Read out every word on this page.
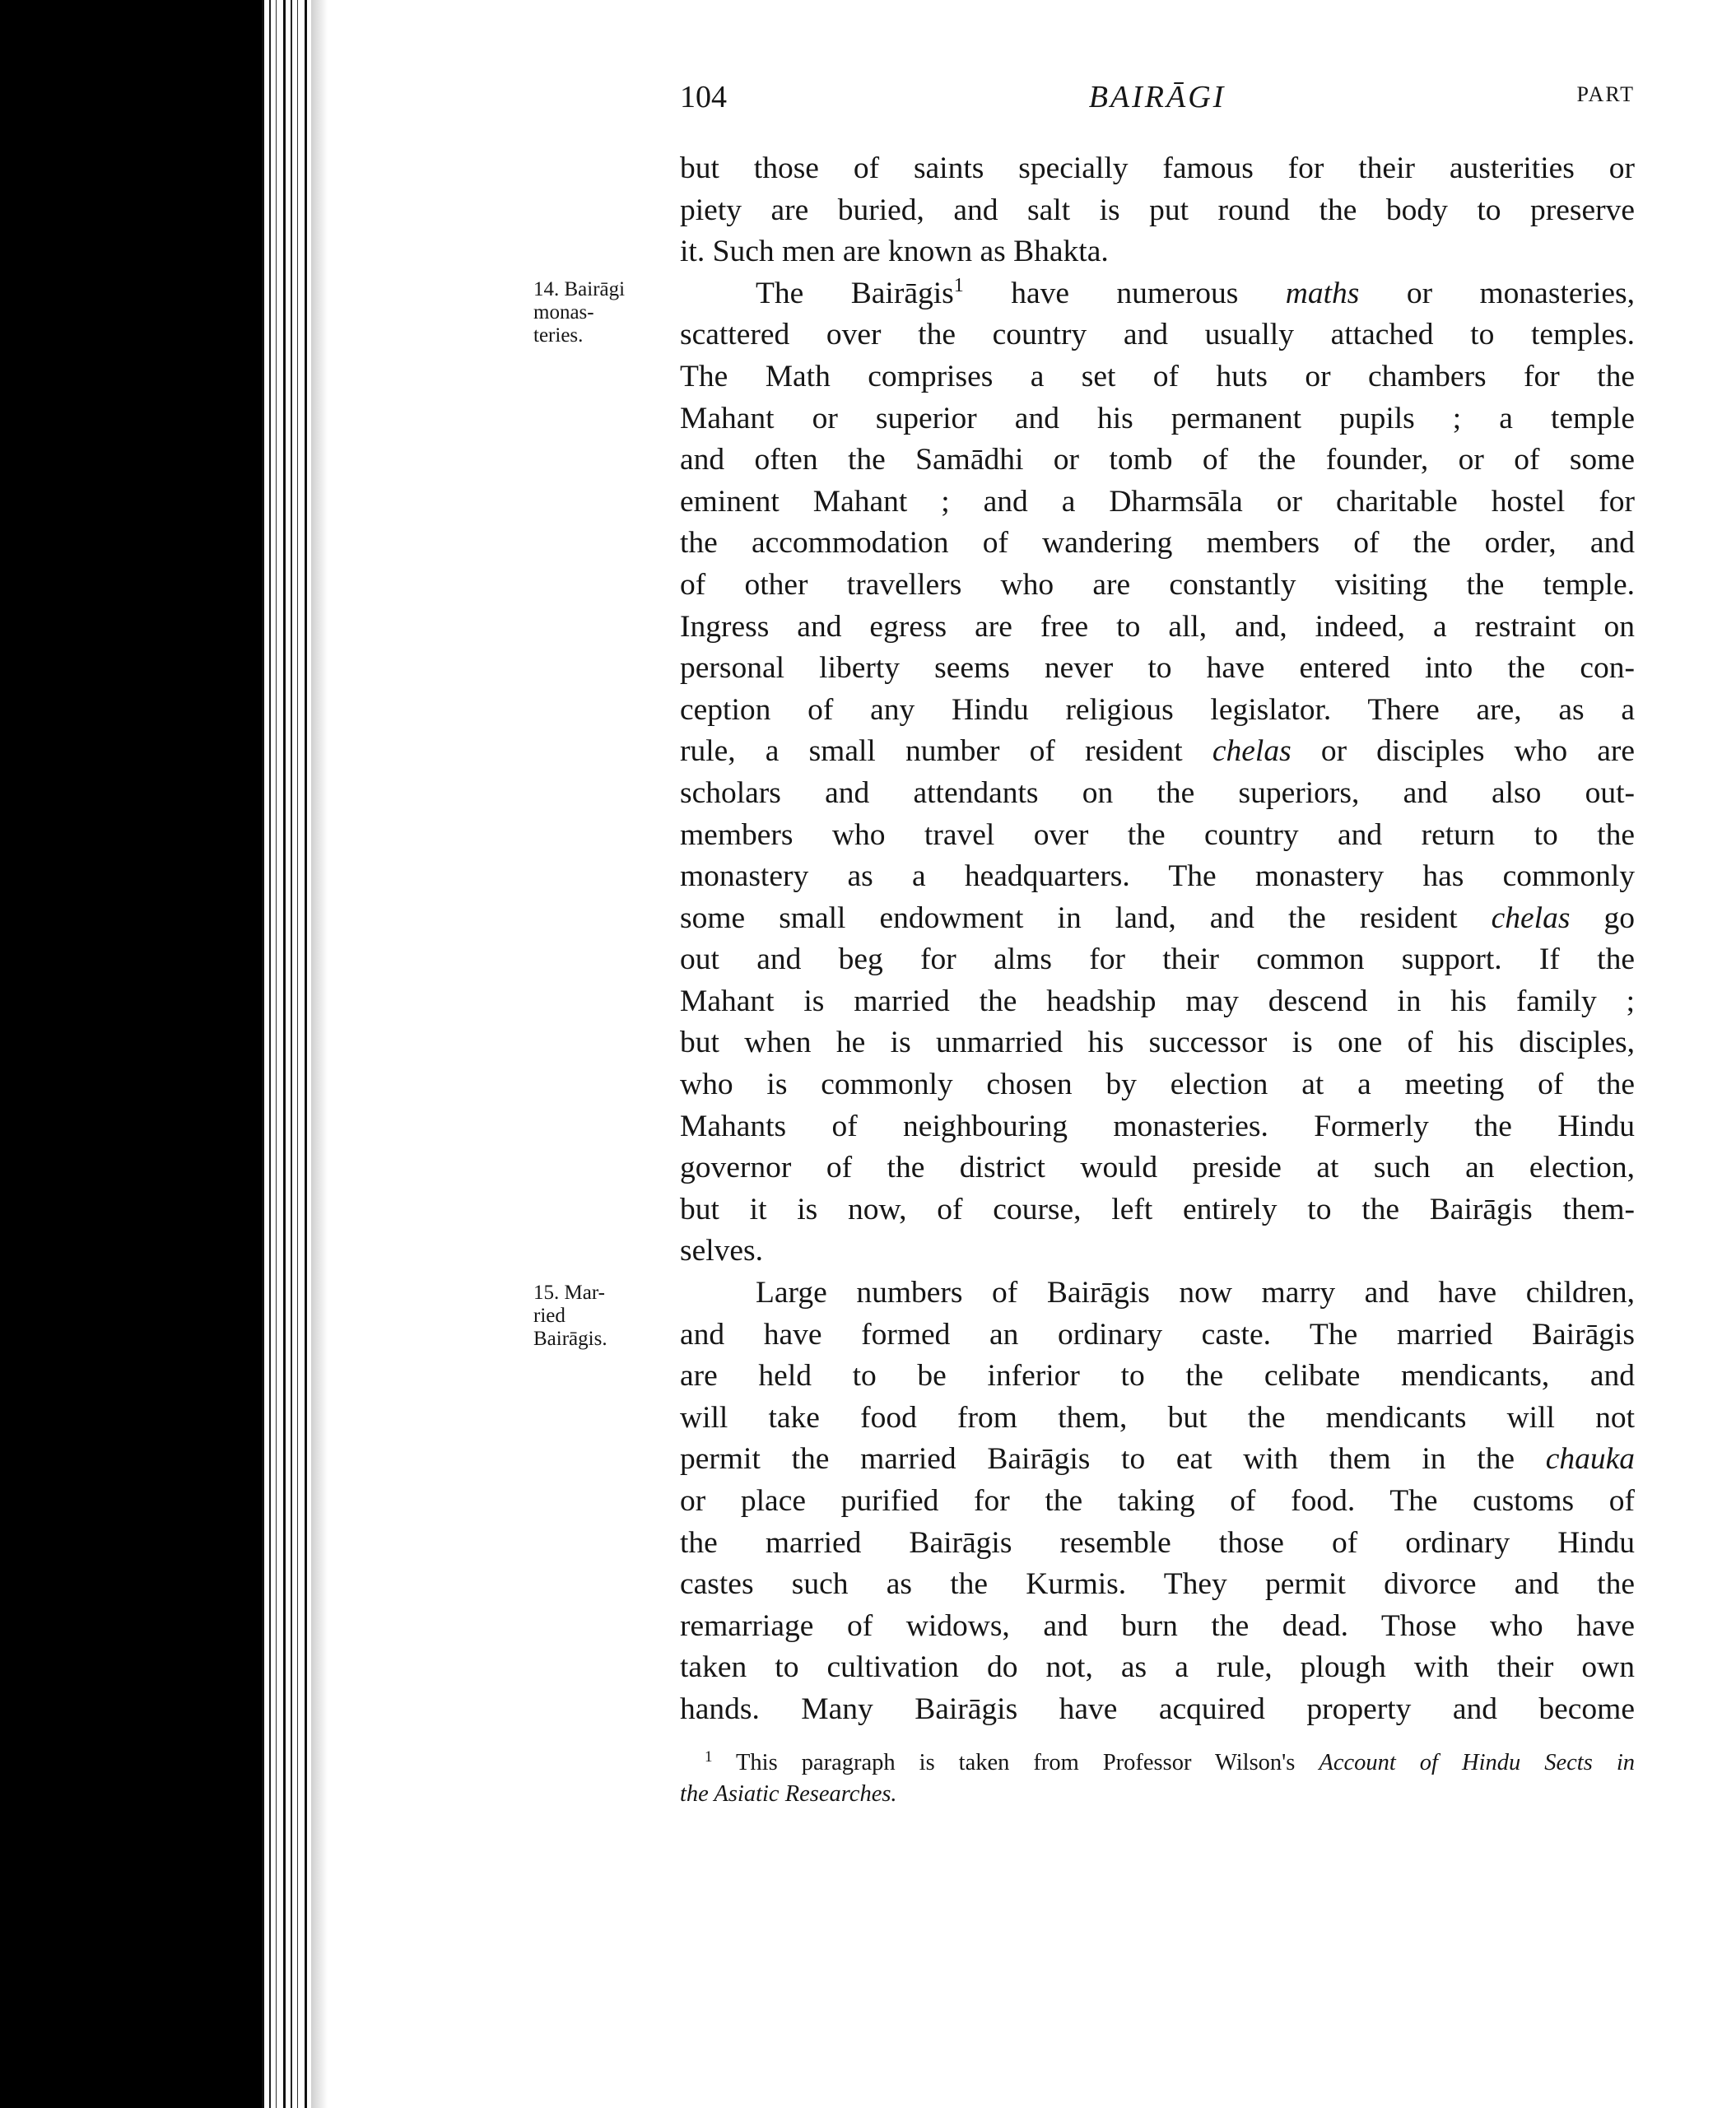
104	BAIRĀGI	PART
14. Bairāgi
monas-
teries.
15. Mar-
ried
Bairāgis.
but those of saints specially famous for their austerities or
piety are buried, and salt is put round the body to preserve
it. Such men are known as Bhakta.
The Bairāgis$^1$ have numerous maths or monasteries,
scattered over the country and usually attached to temples.
The Math comprises a set of huts or chambers for the
Mahant or superior and his permanent pupils ; a temple
and often the Samādhi or tomb of the founder, or of some
eminent Mahant ; and a Dharmsāla or charitable hostel for
the accommodation of wandering members of the order, and
of other travellers who are constantly visiting the temple.
Ingress and egress are free to all, and, indeed, a restraint on
personal liberty seems never to have entered into the con-
ception of any Hindu religious legislator. There are, as a
rule, a small number of resident chelas or disciples who are
scholars and attendants on the superiors, and also out-
members who travel over the country and return to the
monastery as a headquarters. The monastery has commonly
some small endowment in land, and the resident chelas go
out and beg for alms for their common support. If the
Mahant is married the headship may descend in his family ;
but when he is unmarried his successor is one of his disciples,
who is commonly chosen by election at a meeting of the
Mahants of neighbouring monasteries. Formerly the Hindu
governor of the district would preside at such an election,
but it is now, of course, left entirely to the Bairāgis them-
selves.
Large numbers of Bairāgis now marry and have children,
and have formed an ordinary caste. The married Bairāgis
are held to be inferior to the celibate mendicants, and
will take food from them, but the mendicants will not
permit the married Bairāgis to eat with them in the chauka
or place purified for the taking of food. The customs of
the married Bairāgis resemble those of ordinary Hindu
castes such as the Kurmis. They permit divorce and the
remarriage of widows, and burn the dead. Those who have
taken to cultivation do not, as a rule, plough with their own
hands. Many Bairāgis have acquired property and become
$^1$ This paragraph is taken from Professor Wilson's Account of Hindu Sects in
the Asiatic Researches.
